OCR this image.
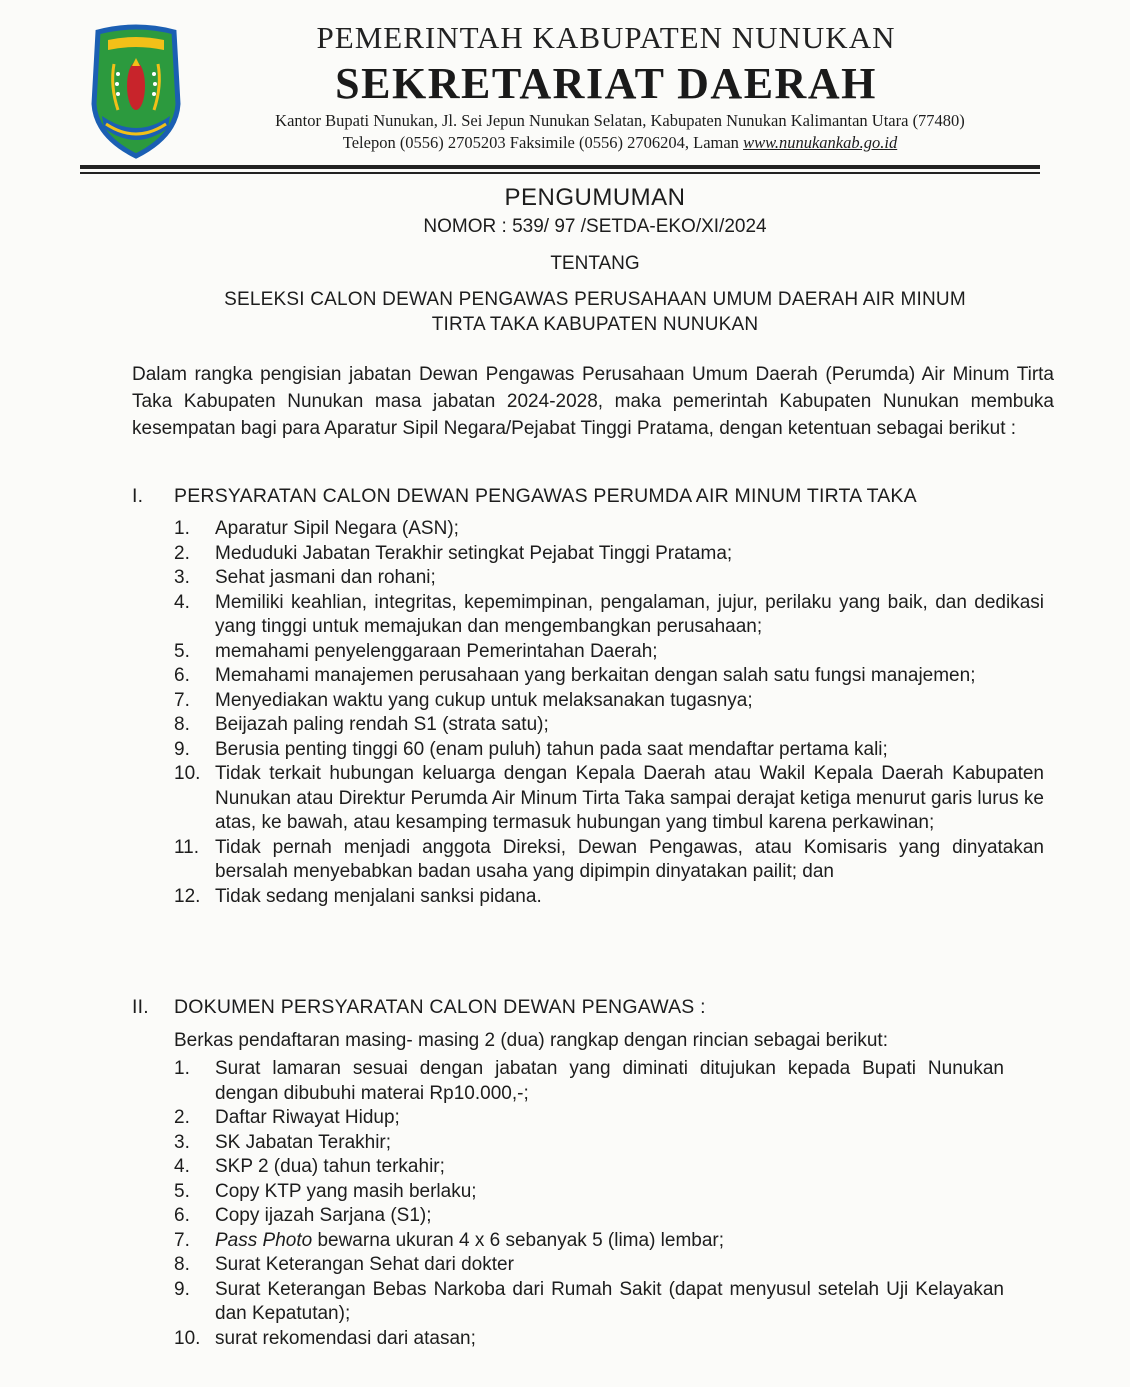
PEMERINTAH KABUPATEN NUNUKAN
SEKRETARIAT DAERAH
Kantor Bupati Nunukan, Jl. Sei Jepun Nunukan Selatan, Kabupaten Nunukan Kalimantan Utara (77480)
Telepon (0556) 2705203 Faksimile (0556) 2706204, Laman www.nunukankab.go.id
PENGUMUMAN
NOMOR : 539/ 97 /SETDA-EKO/XI/2024
TENTANG
SELEKSI CALON DEWAN PENGAWAS PERUSAHAAN UMUM DAERAH AIR MINUM
TIRTA TAKA KABUPATEN NUNUKAN
Dalam rangka pengisian jabatan Dewan Pengawas Perusahaan Umum Daerah (Perumda) Air Minum Tirta Taka Kabupaten Nunukan masa jabatan 2024-2028, maka pemerintah Kabupaten Nunukan membuka kesempatan bagi para Aparatur Sipil Negara/Pejabat Tinggi Pratama, dengan ketentuan sebagai berikut :
I. PERSYARATAN CALON DEWAN PENGAWAS PERUMDA AIR MINUM TIRTA TAKA
1. Aparatur Sipil Negara (ASN);
2. Meduduki Jabatan Terakhir setingkat Pejabat Tinggi Pratama;
3. Sehat jasmani dan rohani;
4. Memiliki keahlian, integritas, kepemimpinan, pengalaman, jujur, perilaku yang baik, dan dedikasi yang tinggi untuk memajukan dan mengembangkan perusahaan;
5. memahami penyelenggaraan Pemerintahan Daerah;
6. Memahami manajemen perusahaan yang berkaitan dengan salah satu fungsi manajemen;
7. Menyediakan waktu yang cukup untuk melaksanakan tugasnya;
8. Beijazah paling rendah S1 (strata satu);
9. Berusia penting tinggi 60 (enam puluh) tahun pada saat mendaftar pertama kali;
10. Tidak terkait hubungan keluarga dengan Kepala Daerah atau Wakil Kepala Daerah Kabupaten Nunukan atau Direktur Perumda Air Minum Tirta Taka sampai derajat ketiga menurut garis lurus ke atas, ke bawah, atau kesamping termasuk hubungan yang timbul karena perkawinan;
11. Tidak pernah menjadi anggota Direksi, Dewan Pengawas, atau Komisaris yang dinyatakan bersalah menyebabkan badan usaha yang dipimpin dinyatakan pailit; dan
12. Tidak sedang menjalani sanksi pidana.
II. DOKUMEN PERSYARATAN CALON DEWAN PENGAWAS :
Berkas pendaftaran masing- masing 2 (dua) rangkap dengan rincian sebagai berikut:
1. Surat lamaran sesuai dengan jabatan yang diminati ditujukan kepada Bupati Nunukan dengan dibubuhi materai Rp10.000,-;
2. Daftar Riwayat Hidup;
3. SK Jabatan Terakhir;
4. SKP 2 (dua) tahun terkahir;
5. Copy KTP yang masih berlaku;
6. Copy ijazah Sarjana (S1);
7. Pass Photo bewarna ukuran 4 x 6 sebanyak 5 (lima) lembar;
8. Surat Keterangan Sehat dari dokter
9. Surat Keterangan Bebas Narkoba dari Rumah Sakit (dapat menyusul setelah Uji Kelayakan dan Kepatutan);
10. surat rekomendasi dari atasan;
